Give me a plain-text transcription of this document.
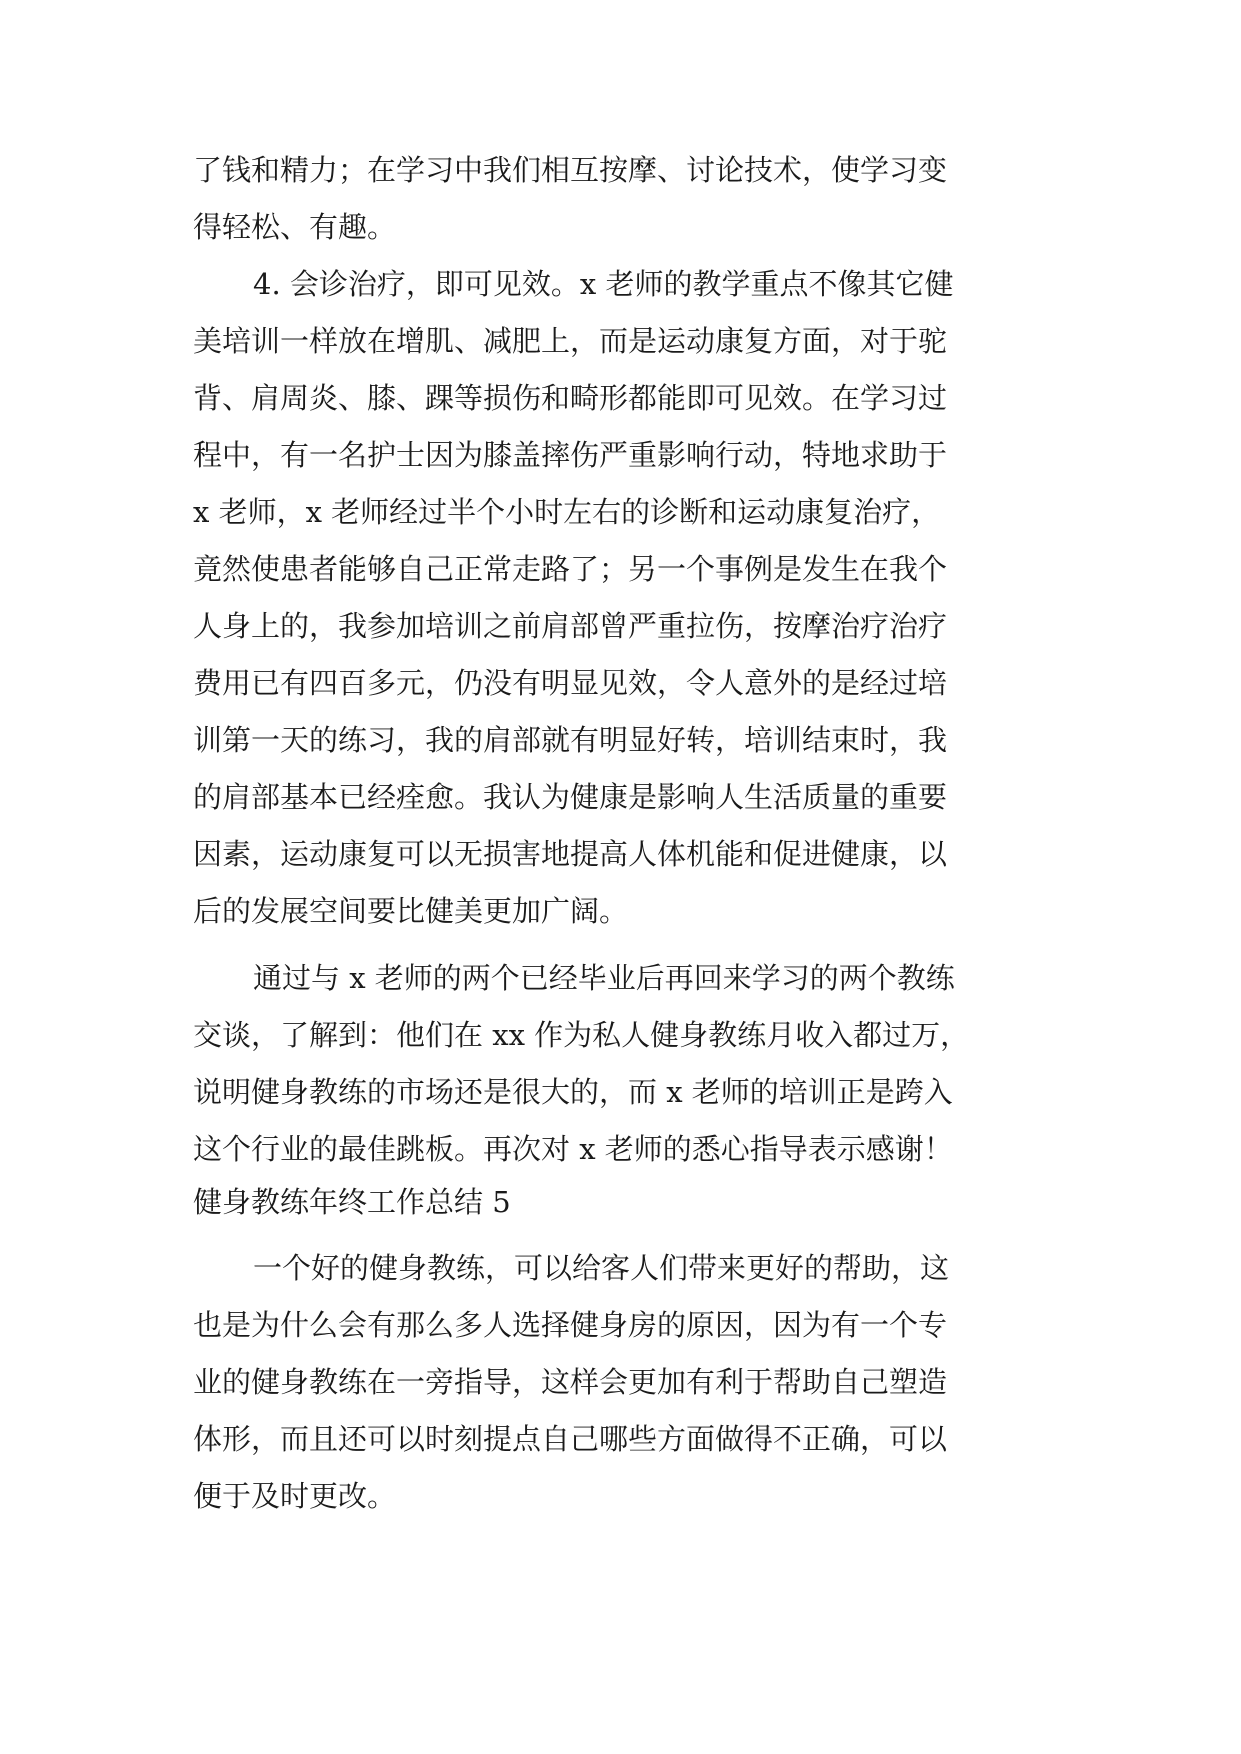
了钱和精力；在学习中我们相互按摩、讨论技术，使学习变
得轻松、有趣。
4. 会诊治疗，即可见效。x 老师的教学重点不像其它健
美培训一样放在增肌、减肥上，而是运动康复方面，对于驼
背、肩周炎、膝、踝等损伤和畸形都能即可见效。在学习过
程中，有一名护士因为膝盖摔伤严重影响行动，特地求助于
x 老师，x 老师经过半个小时左右的诊断和运动康复治疗，
竟然使患者能够自己正常走路了；另一个事例是发生在我个
人身上的，我参加培训之前肩部曾严重拉伤，按摩治疗治疗
费用已有四百多元，仍没有明显见效，令人意外的是经过培
训第一天的练习，我的肩部就有明显好转，培训结束时，我
的肩部基本已经痊愈。我认为健康是影响人生活质量的重要
因素，运动康复可以无损害地提高人体机能和促进健康，以
后的发展空间要比健美更加广阔。
通过与 x 老师的两个已经毕业后再回来学习的两个教练
交谈，了解到：他们在 xx 作为私人健身教练月收入都过万，
说明健身教练的市场还是很大的，而 x 老师的培训正是跨入
这个行业的最佳跳板。再次对 x 老师的悉心指导表示感谢！
健身教练年终工作总结 5
一个好的健身教练，可以给客人们带来更好的帮助，这
也是为什么会有那么多人选择健身房的原因，因为有一个专
业的健身教练在一旁指导，这样会更加有利于帮助自己塑造
体形，而且还可以时刻提点自己哪些方面做得不正确，可以
便于及时更改。
